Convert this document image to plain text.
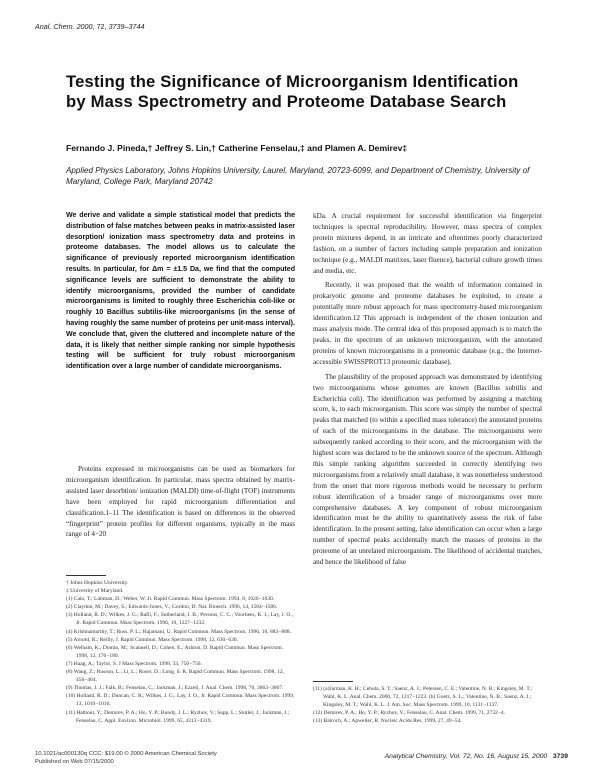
Anal. Chem. 2000, 72, 3739–3744
Testing the Significance of Microorganism Identification by Mass Spectrometry and Proteome Database Search
Fernando J. Pineda,† Jeffrey S. Lin,† Catherine Fenselau,‡ and Plamen A. Demirev‡
Applied Physics Laboratory, Johns Hopkins University, Laurel, Maryland, 20723-6099, and Department of Chemistry, University of Maryland, College Park, Maryland 20742

We derive and validate a simple statistical model that predicts the distribution of false matches between peaks in matrix-assisted laser desorption/ ionization mass spectrometry data and proteins in proteome databases. The model allows us to calculate the significance of previously reported microorganism identification results. In particular, for Δm = ±1.5 Da, we find that the computed significance levels are sufficient to demonstrate the ability to identify microorganisms, provided the number of candidate microorganisms is limited to roughly three Escherichia coli-like or roughly 10 Bacillus subtilis-like microorganisms (in the sense of having roughly the same number of proteins per unit-mass interval). We conclude that, given the cluttered and incomplete nature of the data, it is likely that neither simple ranking nor simple hypothesis testing will be sufficient for truly robust microorganism identification over a large number of candidate microorganisms.

Proteins expressed in microorganisms can be used as biomarkers for microorganism identification. In particular, mass spectra obtained by matrix-assisted laser desorbtion/ ionization (MALDI) time-of-flight (TOF) instruments have been employed for rapid microorganism differentiation and classification.1–11 The identification is based on differences in the observed “fingerprint” protein profiles for different organisms, typically in the mass range of 4−20

† Johns Hopkins University.
‡ University of Maryland.
(1) Cain, T.; Lubman, D.; Weber, W. Jr. Rapid Commun. Mass Spectrom. 1994, 8, 1026−1030.
(2) Claydon, M.; Davey, S.; Edwards-Jones, V.; Gordon, D. Nat. Biotech. 1996, 14, 1584−1586.
(3) Holland, R. D.; Wilkes, J. G.; Rafii, F.; Sutherland, J. B.; Persons, C. C.; Voorhees, K. J.; Lay, J. O., Jr. Rapid Commun. Mass Spectrom. 1996, 10, 1227−1232.
(4) Krishnamurthy, T.; Ross, P. L.; Rajamani, U. Rapid Commun. Mass Spectrom. 1996, 10, 883−888.
(5) Arnold, R.; Reilly, J. Rapid Commun. Mass Spectrom. 1998, 12, 630−636.
(6) Welham, K.; Domin, M.; Scannell, D.; Cohen, E.; Ashton, D. Rapid Commun. Mass Spectrom. 1998, 12, 176−180.
(7) Haag, A.; Taylor, S. J Mass Spectrom. 1998, 33, 750−756.
(8) Wang, Z.; Russon, L.; Li, L.; Roser, D.; Long, S. R. Rapid Commun. Mass Spectrom. 1998, 12, 456−464.
(9) Thomas, J. J.; Falk, B.; Fenselau, C.; Jackman, J.; Ezzell, J. Anal. Chem. 1998, 70, 3863−3867.
(10) Holland, R. D.; Duncan, C. R.; Wilkes, J. G.; Lay, J. O., Jr. Rapid Commun. Mass Spectrom. 1999, 13, 1010−1016.
(11) Hathout, Y.; Demirev, P. A.; Ho, Y. P.; Bundy, J. L.; Ryzhov, V.; Sapp, L.; Stutler, J.; Jackman, J.; Fenselau, C. Appl. Environ. Microbiol. 1999, 65, 4313−4319.

kDa. A crucial requirement for successful identification via fingerprint techniques is spectral reproducibility. However, mass spectra of complex protein mixtures depend, in an intricate and oftentimes poorly characterized fashion, on a number of factors including sample preparation and ionization technique (e.g., MALDI matrixes, laser fluence), bacterial culture growth times and media, etc.

Recently, it was proposed that the wealth of information contained in prokaryotic genome and proteome databases be exploited, to create a potentially more robust approach for mass spectrometry-based microorganism identification.12 This approach is independent of the chosen ionization and mass analysis mode. The central idea of this proposed approach is to match the peaks, in the spectrum of an unknown microorganism, with the annotated proteins of known microorganisms in a proteomic database (e.g., the Internet-accessible SWISSPROT13 proteomic database).

The plausibility of the proposed approach was demonstrated by identifying two microorganisms whose genomes are known (Bacillus subtilis and Escherichia coli). The identification was performed by assigning a matching score, k, to each microorganism. This score was simply the number of spectral peaks that matched (to within a specified mass tolerance) the annotated proteins of each of the microorganisms in the database. The microorganisms were subsequently ranked according to their score, and the microorganism with the highest score was declared to be the unknown source of the spectrum. Although this simple ranking algorithm succeeded in correctly identifying two microorganisms from a relatively small database, it was nonetheless understood from the onset that more rigorous methods would be necessary to perform robust identification of a broader range of microorganisms over more comprehensive databases. A key component of robust microorganism identification must be the ability to quantitatively assess the risk of false identification. In the present setting, false identification can occur when a large number of spectral peaks accidentally match the masses of proteins in the proteome of an unrelated microorganism. The likelihood of accidental matches, and hence the likelihood of false

(11) (a)Jarman, K. H.; Cebula, S. T.; Saenz, A. J.; Petersen, C. E.; Valentine, N. B.; Kingsley, M. T.; Wahl, K. L. Anal. Chem. 2000, 72, 1217−1223. (b) Goetz, S. L.; Valentine, N. B.; Saenz, A. J.; Kingsley, M. T.; Wahl, K. L. J. Am. Soc. Mass Spectrom. 1999, 10, 1131−1137.
(12) Demirev, P. A.; Ho, Y. P.; Ryzhov, V.; Fenselau, C. Anal. Chem. 1999, 71, 2732−4.
(13) Bairoch, A.; Apweiler, R. Nucleic Acids Res. 1999, 27, 49−54.
10.1021/ac000130q CCC: $19.00 © 2000 American Chemical Society
Published on Web 07/15/2000
Analytical Chemistry, Vol. 72, No. 16, August 15, 2000 3739
